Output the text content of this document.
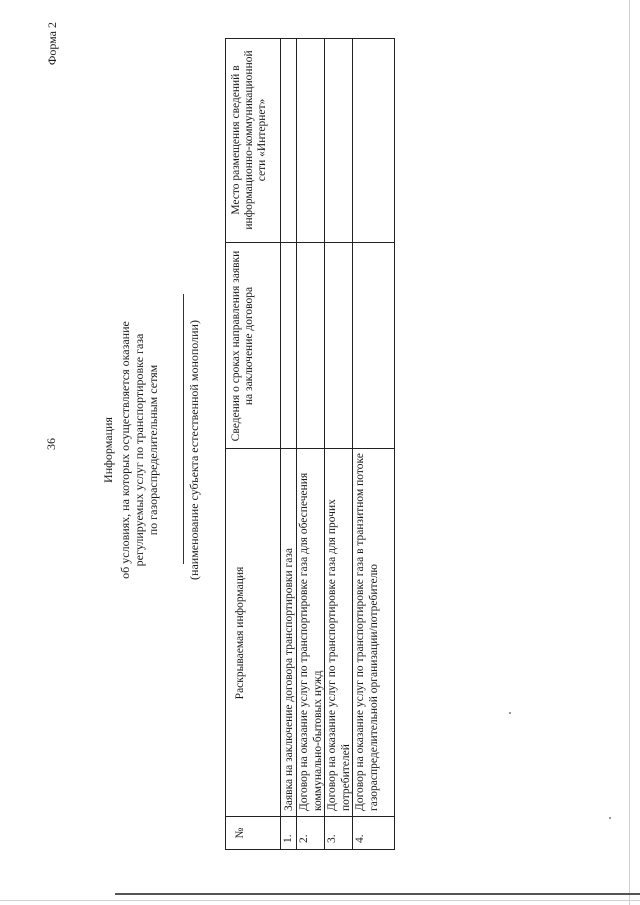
36
Форма 2
Информация об условиях, на которых осуществляется оказание регулируемых услуг по транспортировке газа по газораспределительным сетям (наименование субъекта естественной монополии)
№
Раскрываемая информация
Сведения о сроках направления заявки на заключение договора
Место размещения сведений в информационно-коммуникационной сети «Интернет»
1.
Заявка на заключение договора транспортировки газа
2.
Договор на оказание услуг по транспортировке газа для обеспечения коммунально-бытовых нужд
3.
Договор на оказание услуг по транспортировке газа для прочих потребителей
4.
Договор на оказание услуг по транспортировке газа в транзитном потоке газораспределительной организации/потребителю
